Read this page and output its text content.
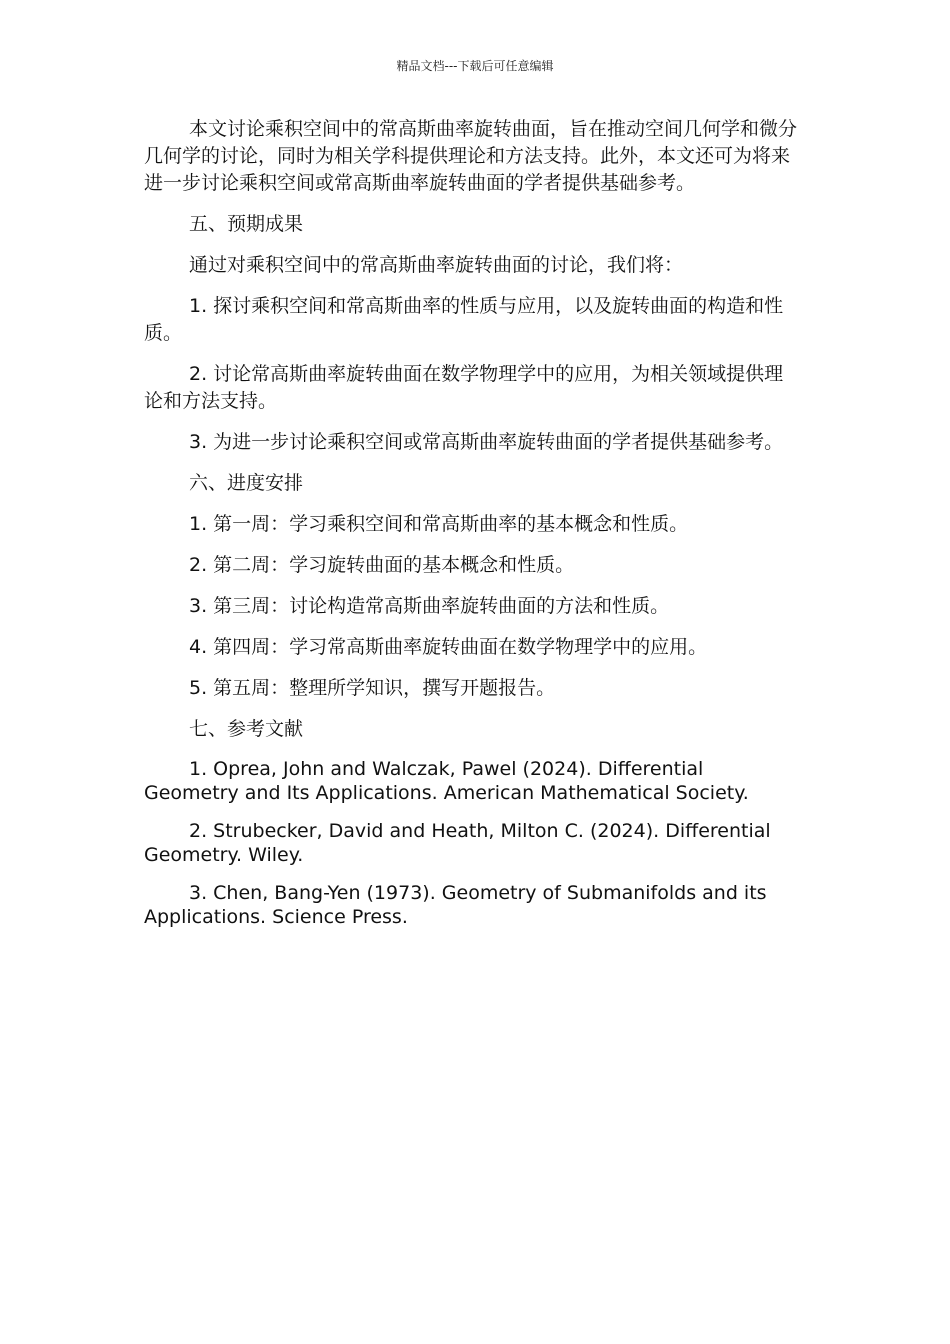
精品文档---下载后可任意编辑

本文讨论乘积空间中的常高斯曲率旋转曲面，旨在推动空间几何学和微分几何学的讨论，同时为相关学科提供理论和方法支持。此外，本文还可为将来进一步讨论乘积空间或常高斯曲率旋转曲面的学者提供基础参考。

五、预期成果

通过对乘积空间中的常高斯曲率旋转曲面的讨论，我们将：

1. 探讨乘积空间和常高斯曲率的性质与应用，以及旋转曲面的构造和性质。

2. 讨论常高斯曲率旋转曲面在数学物理学中的应用，为相关领域提供理论和方法支持。

3. 为进一步讨论乘积空间或常高斯曲率旋转曲面的学者提供基础参考。

六、进度安排

1. 第一周：学习乘积空间和常高斯曲率的基本概念和性质。

2. 第二周：学习旋转曲面的基本概念和性质。

3. 第三周：讨论构造常高斯曲率旋转曲面的方法和性质。

4. 第四周：学习常高斯曲率旋转曲面在数学物理学中的应用。

5. 第五周：整理所学知识，撰写开题报告。

七、参考文献

1. Oprea, John and Walczak, Pawel (2024). Differential Geometry and Its Applications. American Mathematical Society.

2. Strubecker, David and Heath, Milton C. (2024). Differential Geometry. Wiley.

3. Chen, Bang-Yen (1973). Geometry of Submanifolds and its Applications. Science Press.
